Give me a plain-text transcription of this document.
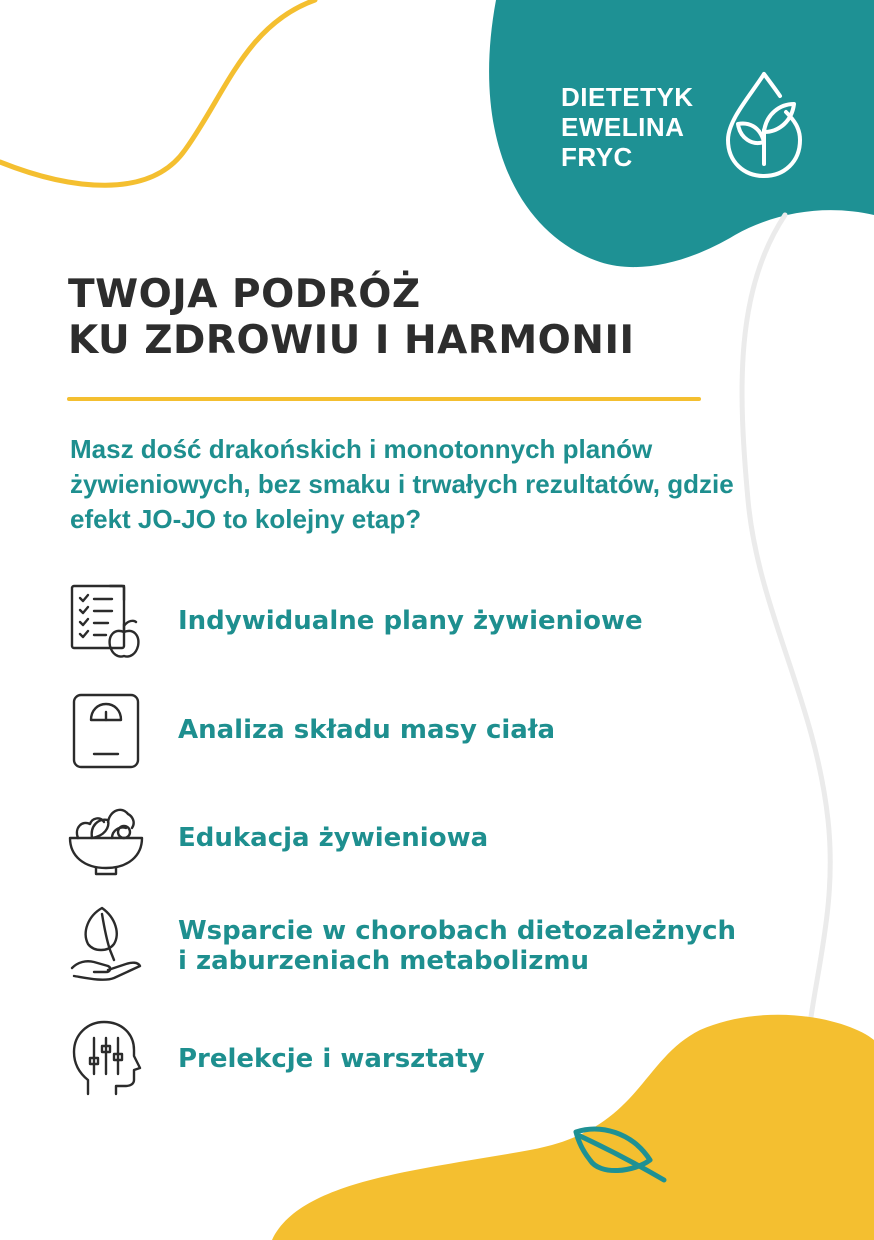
DIETETYK
EWELINA
FRYC
TWOJA PODRÓŻ
KU ZDROWIU I HARMONII

Masz dość drakońskich i monotonnych planów żywieniowych, bez smaku i trwałych rezultatów, gdzie efekt JO-JO to kolejny etap?

Indywidualne plany żywieniowe
Analiza składu masy ciała
Edukacja żywieniowa
Wsparcie w chorobach dietozależnych
i zaburzeniach metabolizmu
Prelekcje i warsztaty
